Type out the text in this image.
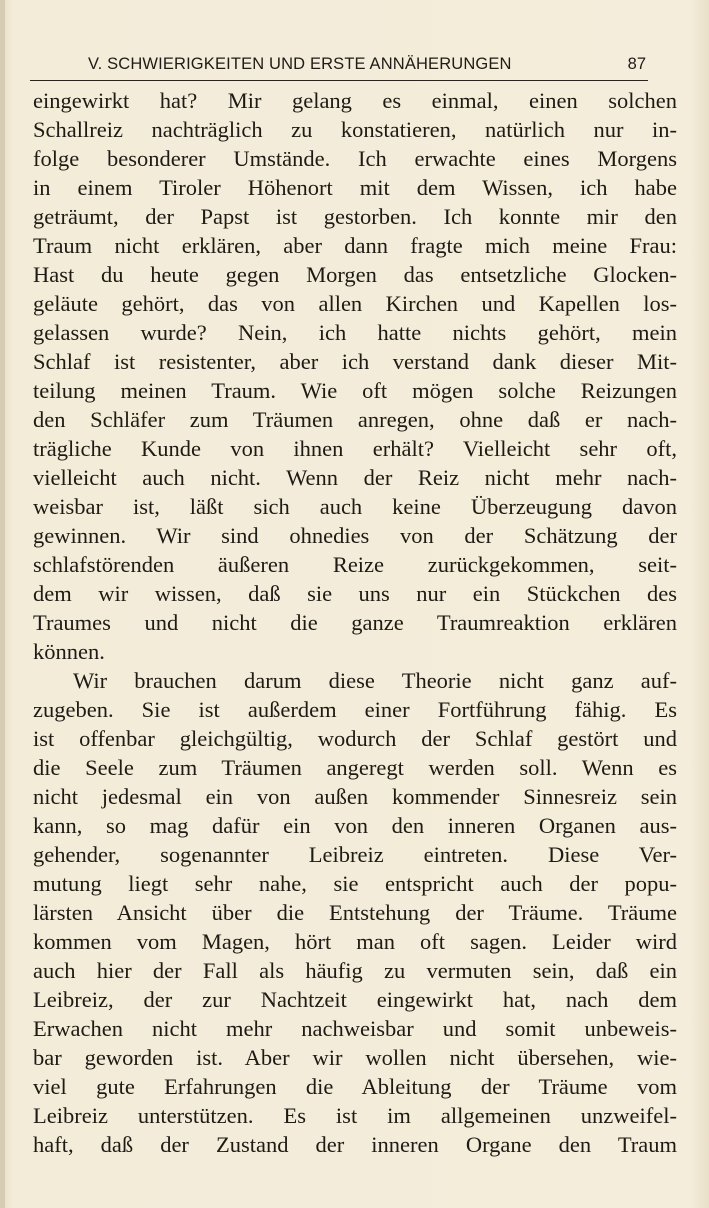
V. SCHWIERIGKEITEN UND ERSTE ANNÄHERUNGEN	87
eingewirkt hat? Mir gelang es einmal, einen solchen
Schallreiz nachträglich zu konstatieren, natürlich nur in-
folge besonderer Umstände. Ich erwachte eines Morgens
in einem Tiroler Höhenort mit dem Wissen, ich habe
geträumt, der Papst ist gestorben. Ich konnte mir den
Traum nicht erklären, aber dann fragte mich meine Frau:
Hast du heute gegen Morgen das entsetzliche Glocken-
geläute gehört, das von allen Kirchen und Kapellen los-
gelassen wurde? Nein, ich hatte nichts gehört, mein
Schlaf ist resistenter, aber ich verstand dank dieser Mit-
teilung meinen Traum. Wie oft mögen solche Reizungen
den Schläfer zum Träumen anregen, ohne daß er nach-
trägliche Kunde von ihnen erhält? Vielleicht sehr oft,
vielleicht auch nicht. Wenn der Reiz nicht mehr nach-
weisbar ist, läßt sich auch keine Überzeugung davon
gewinnen. Wir sind ohnedies von der Schätzung der
schlafstörenden äußeren Reize zurückgekommen, seit-
dem wir wissen, daß sie uns nur ein Stückchen des
Traumes und nicht die ganze Traumreaktion erklären
können.
Wir brauchen darum diese Theorie nicht ganz auf-
zugeben. Sie ist außerdem einer Fortführung fähig. Es
ist offenbar gleichgültig, wodurch der Schlaf gestört und
die Seele zum Träumen angeregt werden soll. Wenn es
nicht jedesmal ein von außen kommender Sinnesreiz sein
kann, so mag dafür ein von den inneren Organen aus-
gehender, sogenannter Leibreiz eintreten. Diese Ver-
mutung liegt sehr nahe, sie entspricht auch der popu-
lärsten Ansicht über die Entstehung der Träume. Träume
kommen vom Magen, hört man oft sagen. Leider wird
auch hier der Fall als häufig zu vermuten sein, daß ein
Leibreiz, der zur Nachtzeit eingewirkt hat, nach dem
Erwachen nicht mehr nachweisbar und somit unbeweis-
bar geworden ist. Aber wir wollen nicht übersehen, wie-
viel gute Erfahrungen die Ableitung der Träume vom
Leibreiz unterstützen. Es ist im allgemeinen unzweifel-
haft, daß der Zustand der inneren Organe den Traum
